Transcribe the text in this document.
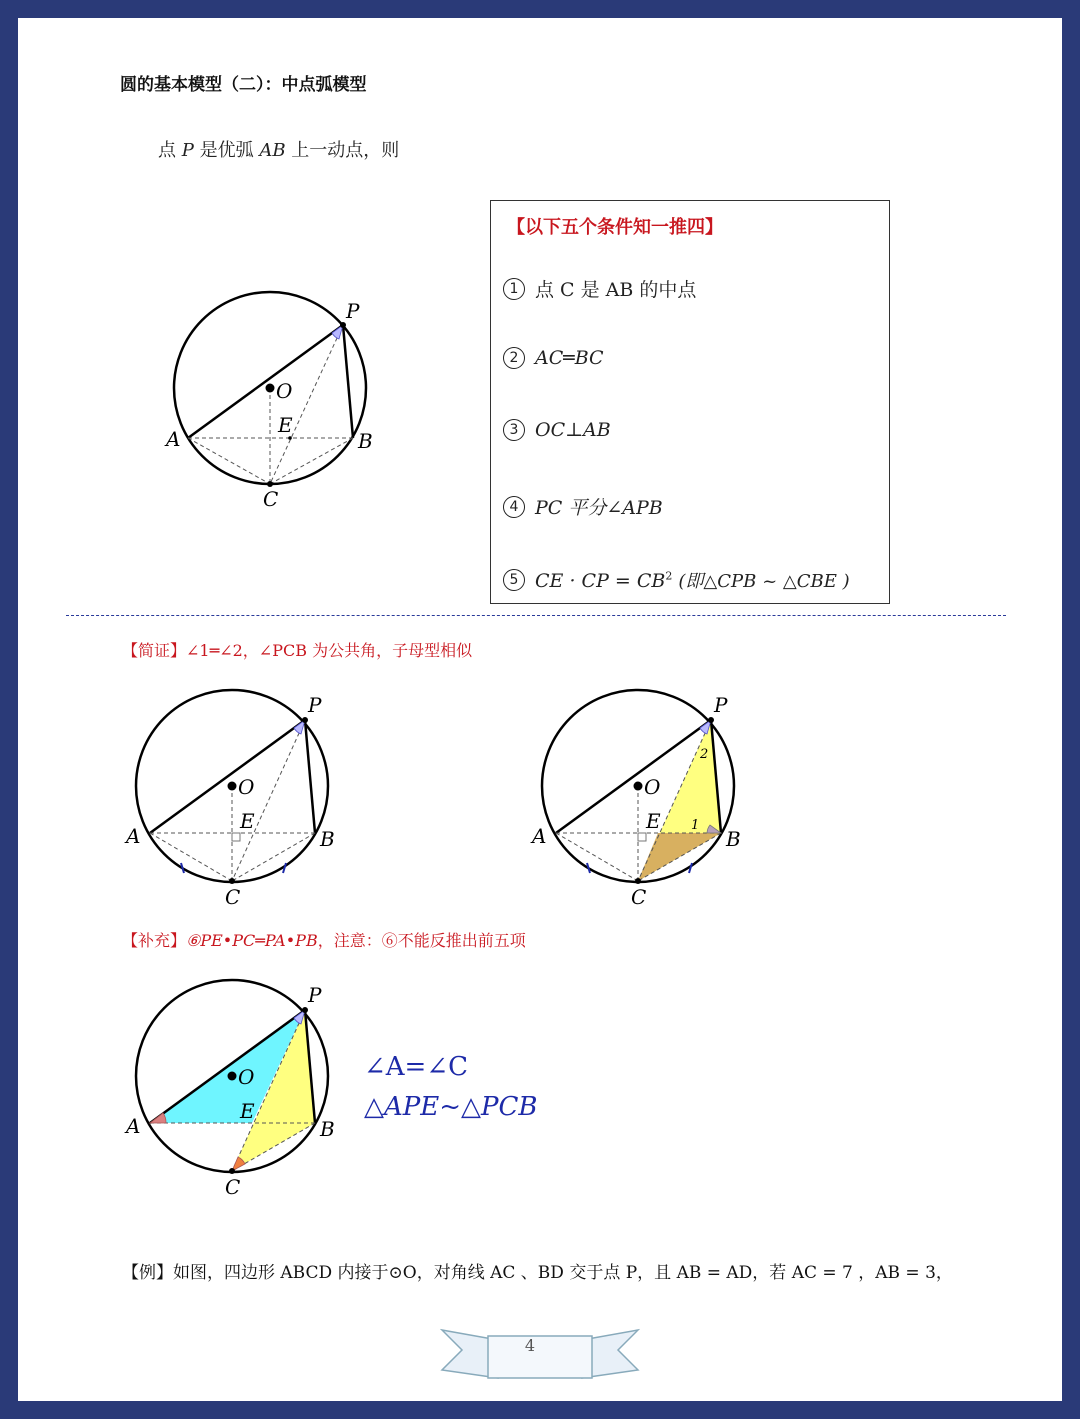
圆的基本模型（二）：中点弧模型
点 P 是优弧 AB 上一动点，则
P
O
E
A	B
C
【以下五个条件知一推四】
1 点 C 是 AB 的中点
2 AC═BC
3 OC⊥AB
4 PC 平分∠APB
5 CE · CP = $CB^2$ (即△CPB ~ △CBE )
【简证】∠1═∠2，∠PCB 为公共角，子母型相似
P
O
E
A	B
C
2
1
P
O
E
A	B
C
【补充】⑥PE•PC═PA•PB，注意：⑥不能反推出前五项
P
O
E
A	B
C
∠A=∠C
△APE~△PCB
【例】如图，四边形 ABCD 内接于⊙O，对角线 AC 、BD 交于点 P，且 AB = AD，若 AC = 7 ，AB = 3，
4
